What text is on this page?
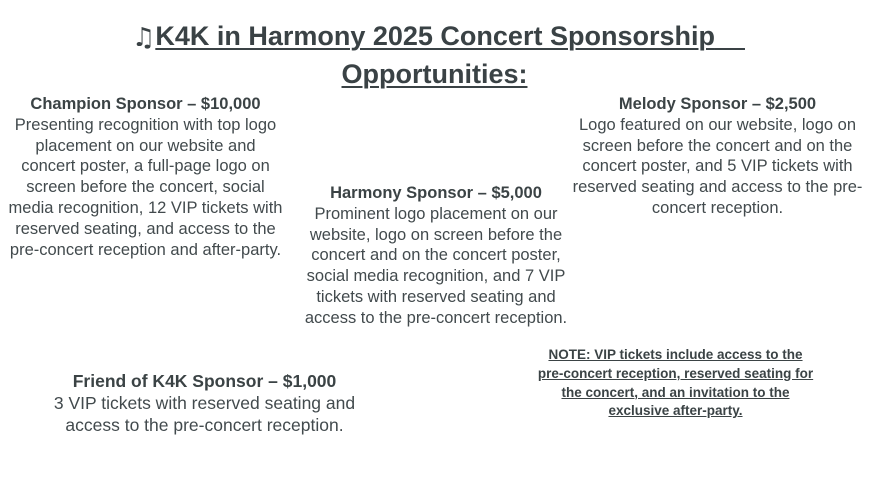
♫K4K in Harmony 2025 Concert Sponsorship
Opportunities:
Champion Sponsor – $10,000
Presenting recognition with top logo placement on our website and concert poster, a full-page logo on screen before the concert, social media recognition, 12 VIP tickets with reserved seating, and access to the pre-concert reception and after-party.
Harmony Sponsor – $5,000
Prominent logo placement on our website, logo on screen before the concert and on the concert poster, social media recognition, and 7 VIP tickets with reserved seating and access to the pre-concert reception.
Melody Sponsor – $2,500
Logo featured on our website, logo on screen before the concert and on the concert poster, and 5 VIP tickets with reserved seating and access to the pre-concert reception.
Friend of K4K Sponsor – $1,000
3 VIP tickets with reserved seating and access to the pre-concert reception.
NOTE: VIP tickets include access to the pre-concert reception, reserved seating for the concert, and an invitation to the exclusive after-party.
